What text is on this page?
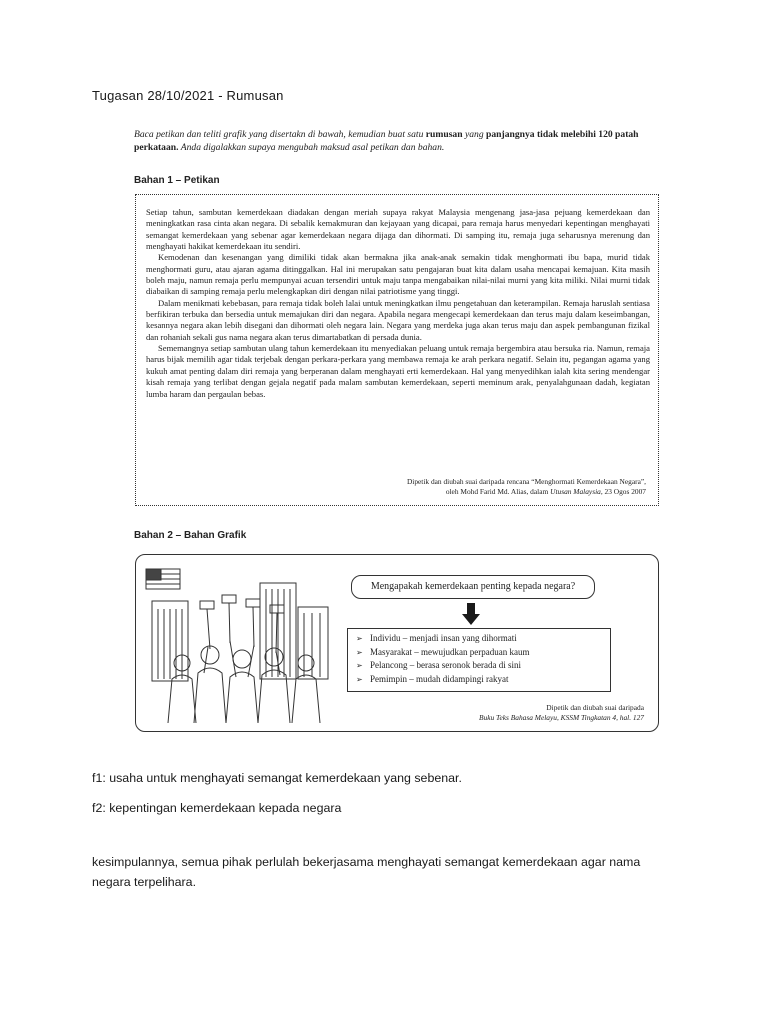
Tugasan 28/10/2021 - Rumusan
Baca petikan dan teliti grafik yang disertakn di bawah, kemudian buat satu rumusan yang panjangnya tidak melebihi 120 patah perkataan. Anda digalakkan supaya mengubah maksud asal petikan dan bahan.
Bahan 1 – Petikan

Setiap tahun, sambutan kemerdekaan diadakan dengan meriah supaya rakyat Malaysia mengenang jasa-jasa pejuang kemerdekaan dan meningkatkan rasa cinta akan negara. Di sebalik kemakmuran dan kejayaan yang dicapai, para remaja harus menyedari kepentingan menghayati semangat kemerdekaan yang sebenar agar kemerdekaan negara dijaga dan dihormati. Di samping itu, remaja juga seharusnya merenung dan menghayati hakikat kemerdekaan itu sendiri.

Kemodenan dan kesenangan yang dimiliki tidak akan bermakna jika anak-anak semakin tidak menghormati ibu bapa, murid tidak menghormati guru, atau ajaran agama ditinggalkan. Hal ini merupakan satu pengajaran buat kita dalam usaha mencapai kemajuan. Kita masih boleh maju, namun remaja perlu mempunyai acuan tersendiri untuk maju tanpa mengabaikan nilai-nilai murni yang kita miliki. Nilai murni tidak diabaikan di samping remaja perlu melengkapkan diri dengan nilai patriotisme yang tinggi.

Dalam menikmati kebebasan, para remaja tidak boleh lalai untuk meningkatkan ilmu pengetahuan dan keterampilan. Remaja haruslah sentiasa berfikiran terbuka dan bersedia untuk memajukan diri dan negara. Apabila negara mengecapi kemerdekaan dan terus maju dalam keseimbangan, kesannya negara akan lebih disegani dan dihormati oleh negara lain. Negara yang merdeka juga akan terus maju dan aspek pembangunan fizikal dan rohaniah sekali gus nama negara akan terus dimartabatkan di persada dunia.

Sememangnya setiap sambutan ulang tahun kemerdekaan itu menyediakan peluang untuk remaja bergembira atau bersuka ria. Namun, remaja harus bijak memilih agar tidak terjebak dengan perkara-perkara yang membawa remaja ke arah perkara negatif. Selain itu, pegangan agama yang kukuh amat penting dalam diri remaja yang berperanan dalam menghayati erti kemerdekaan. Hal yang menyedihkan ialah kita sering mendengar kisah remaja yang terlibat dengan gejala negatif pada malam sambutan kemerdekaan, seperti meminum arak, penyalahgunaan dadah, kegiatan lumba haram dan pergaulan bebas.

Dipetik dan diubah suai daripada rencana “Menghormati Kemerdekaan Negara”,
oleh Mohd Farid Md. Alias, dalam Utusan Malaysia, 23 Ogos 2007
Bahan 2 – Bahan Grafik
Mengapakah kemerdekaan penting kepada negara?
➢ Individu – menjadi insan yang dihormati
➢ Masyarakat – mewujudkan perpaduan kaum
➢ Pelancong – berasa seronok berada di sini
➢ Pemimpin – mudah didampingi rakyat
Dipetik dan diubah suai daripada
Buku Teks Bahasa Melayu, KSSM Tingkatan 4, hal. 127
f1: usaha untuk menghayati semangat kemerdekaan yang sebenar.
f2: kepentingan kemerdekaan kepada negara
kesimpulannya, semua pihak perlulah bekerjasama menghayati semangat kemerdekaan agar nama negara terpelihara.
